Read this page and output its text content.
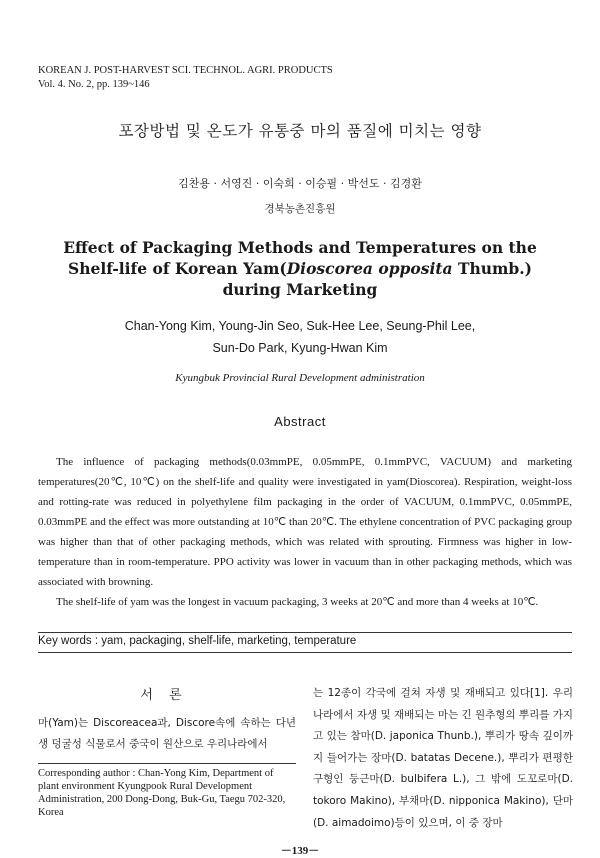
KOREAN J. POST-HARVEST SCI. TECHNOL. AGRI. PRODUCTS
Vol. 4. No. 2, pp. 139~146
포장방법 및 온도가 유통중 마의 품질에 미치는 영향
김찬용 · 서영진 · 이숙희 · 이승필 · 박선도 · 김경환
경북농촌진흥원
Effect of Packaging Methods and Temperatures on the
Shelf-life of Korean Yam(Dioscorea opposita Thumb.)
during Marketing
Chan-Yong Kim, Young-Jin Seo, Suk-Hee Lee, Seung-Phil Lee,
Sun-Do Park, Kyung-Hwan Kim
Kyungbuk Provincial Rural Development administration
Abstract

The influence of packaging methods(0.03mmPE, 0.05mmPE, 0.1mmPVC, VACUUM) and marketing temperatures(20℃, 10℃) on the shelf-life and quality were investigated in yam(Dioscorea). Respiration, weight-loss and rotting-rate was reduced in polyethylene film packaging in the order of VACUUM, 0.1mmPVC, 0.05mmPE, 0.03mmPE and the effect was more outstanding at 10℃ than 20℃. The ethylene concentration of PVC packaging group was higher than that of other packaging methods, which was related with sprouting. Firmness was higher in low-temperature than in room-temperature. PPO activity was lower in vacuum than in other packaging methods, which was associated with browning.

The shelf-life of yam was the longest in vacuum packaging, 3 weeks at 20℃ and more than 4 weeks at 10℃.

Key words : yam, packaging, shelf-life, marketing, temperature
서 론

마(Yam)는 Discoreacea과, Discore속에 속하는 다년생 덩굴성 식물로서 중국이 원산으로 우리나라에서

Corresponding author : Chan-Yong Kim, Department of plant environment Kyungpook Rural Development Administration, 200 Dong-Dong, Buk-Gu, Taegu 702-320, Korea

는 12종이 각국에 걸쳐 자생 및 재배되고 있다[1]. 우리나라에서 자생 및 재배되는 마는 긴 원추형의 뿌리를 가지고 있는 참마(D. japonica Thunb.), 뿌리가 땅속 깊이까지 들어가는 장마(D. batatas Decene.), 뿌리가 편평한 구형인 둥근마(D. bulbifera L.), 그 밖에 도꼬로마(D. tokoro Makino), 부채마(D. nipponica Makino), 단마(D. aimadoimo)등이 있으며, 이 중 장마

－139－
